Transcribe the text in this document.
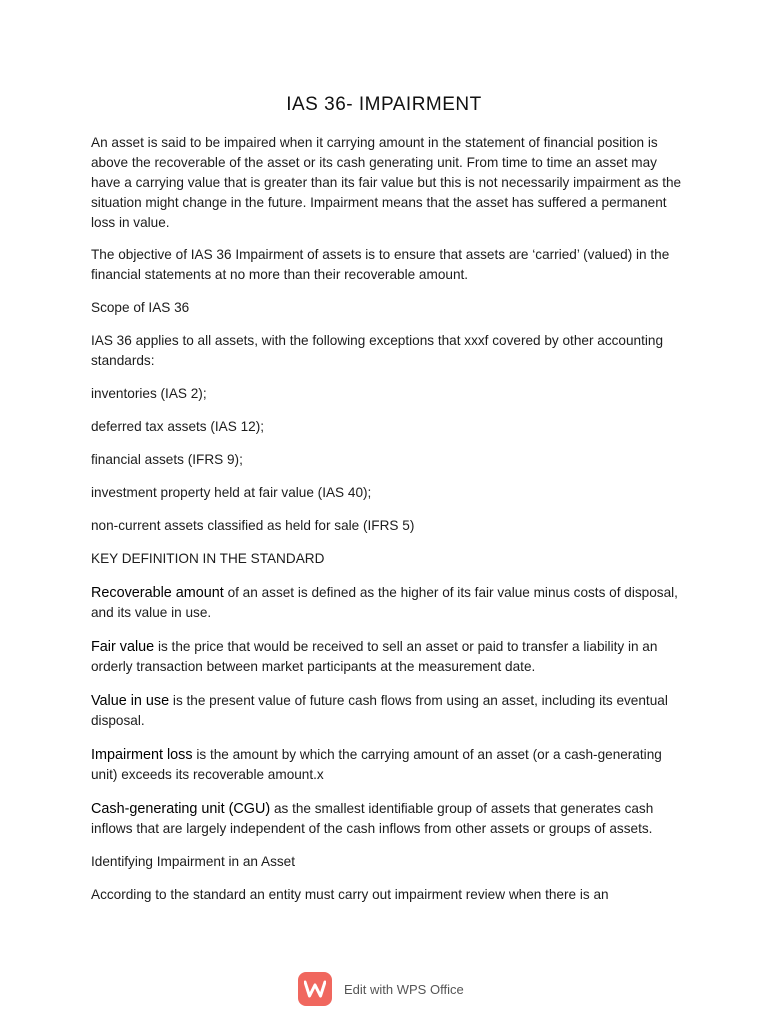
IAS 36- IMPAIRMENT

An asset is said to be impaired when it carrying amount in the statement of financial position is above the recoverable of the asset or its cash generating unit. From time to time an asset may have a carrying value that is greater than its fair value but this is not necessarily impairment as the situation might change in the future. Impairment means that the asset has suffered a permanent loss in value.

The objective of IAS 36 Impairment of assets is to ensure that assets are ‘carried’ (valued) in the financial statements at no more than their recoverable amount.

Scope of IAS 36

IAS 36 applies to all assets, with the following exceptions that xxxf covered by other accounting standards:

inventories (IAS 2);

deferred tax assets (IAS 12);

financial assets (IFRS 9);

investment property held at fair value (IAS 40);

non-current assets classified as held for sale (IFRS 5)

KEY DEFINITION IN THE STANDARD

Recoverable amount of an asset is defined as the higher of its fair value minus costs of disposal, and its value in use.

Fair value is the price that would be received to sell an asset or paid to transfer a liability in an orderly transaction between market participants at the measurement date.

Value in use is the present value of future cash flows from using an asset, including its eventual disposal.

Impairment loss is the amount by which the carrying amount of an asset (or a cash-generating unit) exceeds its recoverable amount.x

Cash-generating unit (CGU) as the smallest identifiable group of assets that generates cash inflows that are largely independent of the cash inflows from other assets or groups of assets.

Identifying Impairment in an Asset

According to the standard an entity must carry out impairment review when there is an

Edit with WPS Office
